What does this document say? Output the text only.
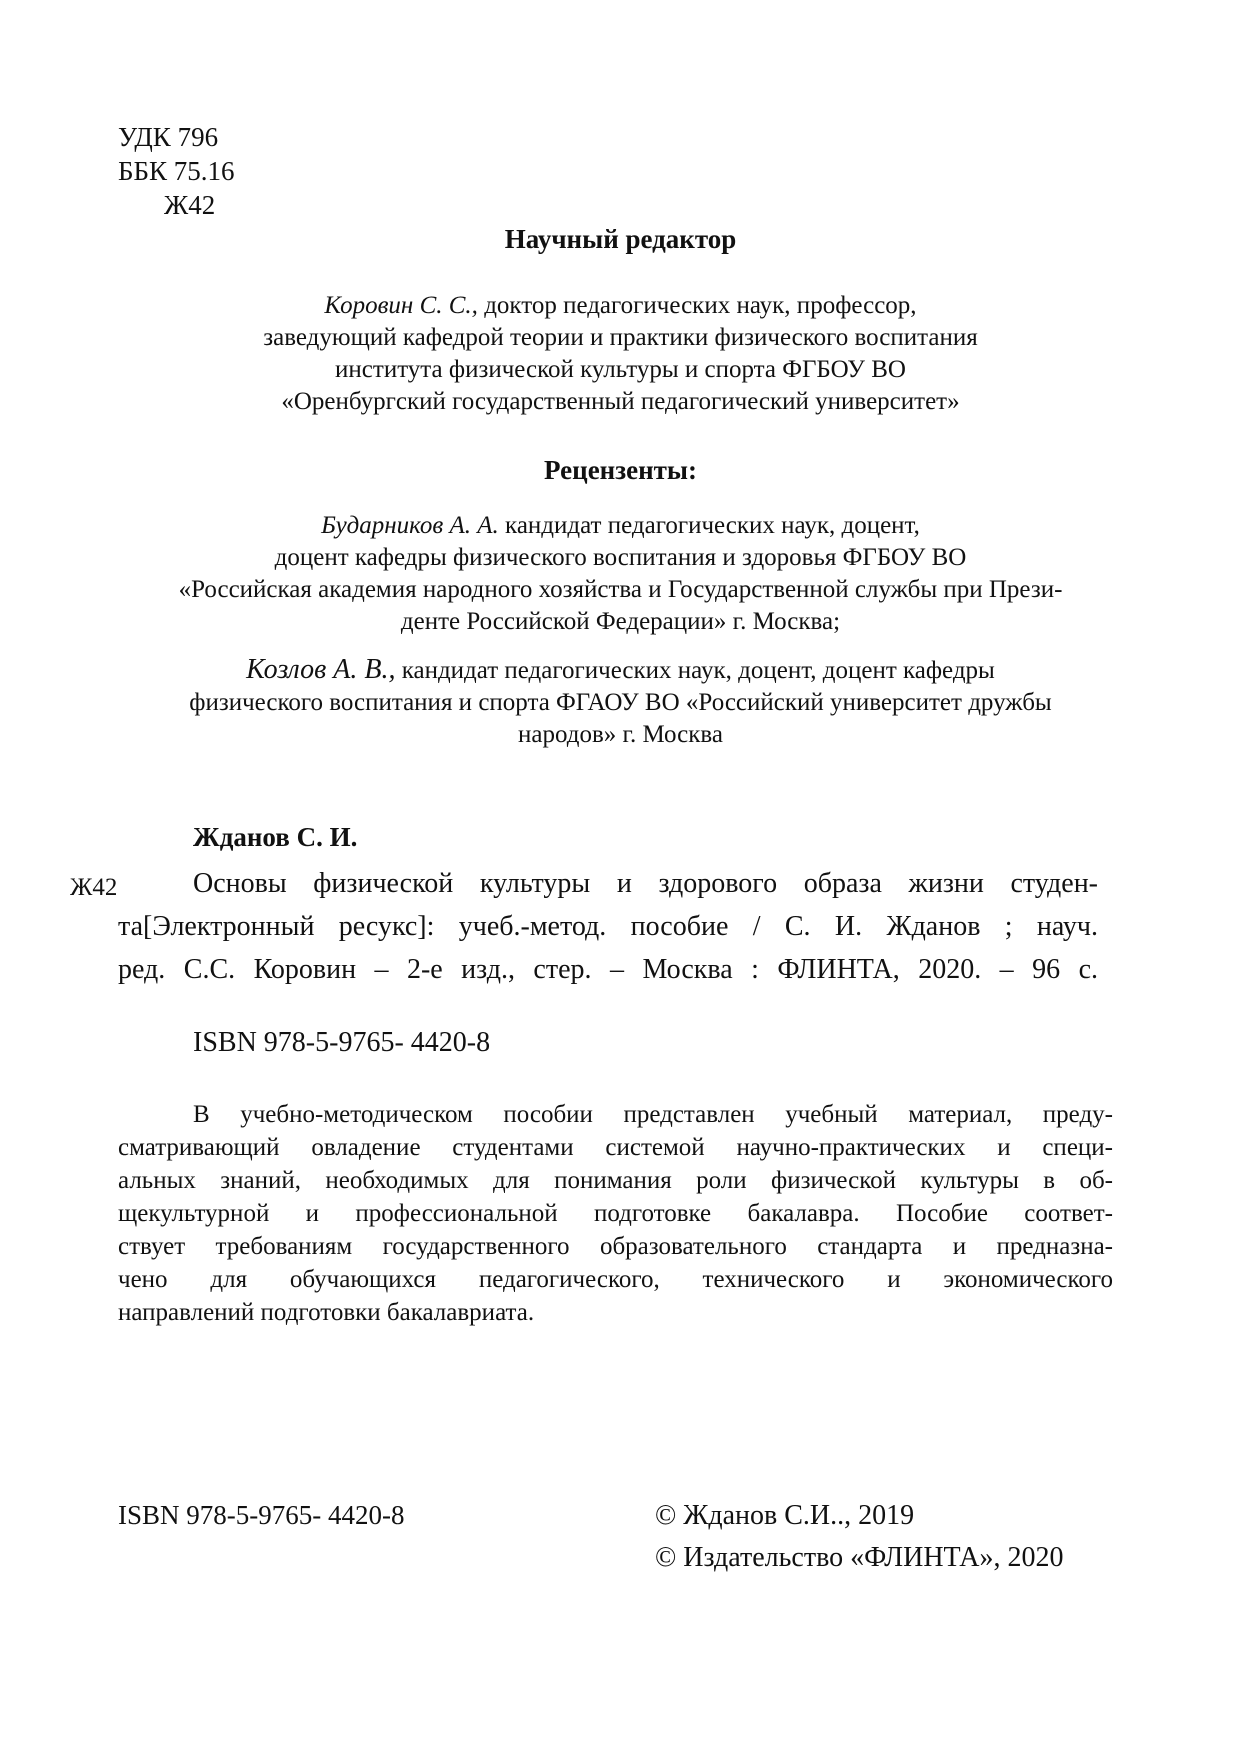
УДК 796
ББК 75.16
Ж42
Научный редактор
Коровин С. С., доктор педагогических наук, профессор,
заведующий кафедрой теории и практики физического воспитания
института физической культуры и спорта ФГБОУ ВО
«Оренбургский государственный педагогический университет»
Рецензенты:
Бударников А. А. кандидат педагогических наук, доцент,
доцент кафедры физического воспитания и здоровья ФГБОУ ВО
«Российская академия народного хозяйства и Государственной службы при Прези-
денте Российской Федерации» г. Москва;
Козлов А. В., кандидат педагогических наук, доцент, доцент кафедры
физического воспитания и спорта ФГАОУ ВО «Российский университет дружбы
народов» г. Москва
Жданов С. И.
Ж42	Основы физической культуры и здорового образа жизни студен-
та[Электронный ресукс]: учеб.-метод. пособие / С. И. Жданов ; науч.
ред. С.С. Коровин – 2-е изд., стер. – Москва : ФЛИНТА, 2020. – 96 с.
ISBN 978-5-9765- 4420-8
В учебно-методическом пособии представлен учебный материал, преду-
сматривающий овладение студентами системой научно-практических и специ-
альных знаний, необходимых для понимания роли физической культуры в об-
щекультурной и профессиональной подготовке бакалавра. Пособие соответ-
ствует требованиям государственного образовательного стандарта и предназна-
чено для обучающихся педагогического, технического и экономического
направлений подготовки бакалавриата.
ISBN 978-5-9765- 4420-8	© Жданов С.И.., 2019
© Издательство «ФЛИНТА», 2020
